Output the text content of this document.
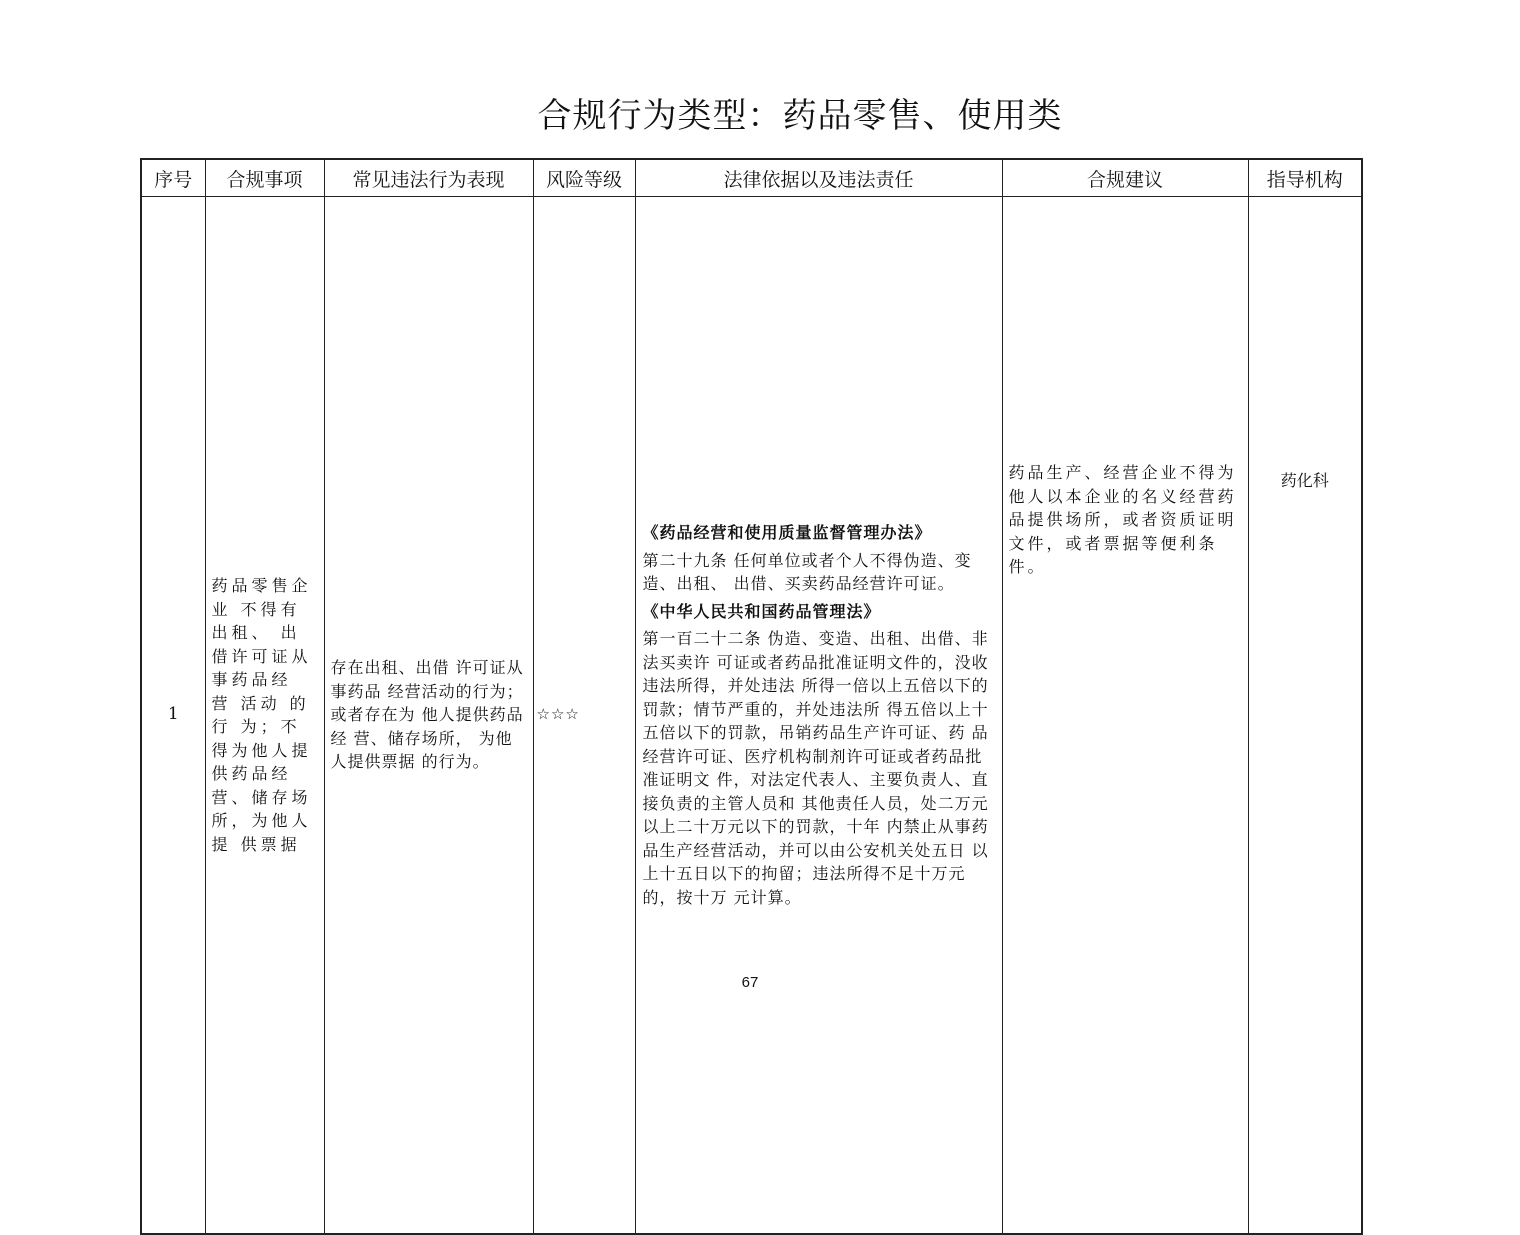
合规行为类型：药品零售、使用类
序号	合规事项	常见违法行为表现	风险等级	法律依据以及违法责任	合规建议	指导机构
1	药品零售企业 不得有出租、 出借许可证从 事药品经 营 活动 的 行 为；不得为他人提供药品经 营、储存场所，为他人提 供票据	存在出租、出借 许可证从事药品 经营活动的行为；或者存在为 他人提供药品经 营、储存场所， 为他人提供票据 的行为。	☆☆☆	《药品经营和使用质量监督管理办法》
第二十九条 任何单位或者个人不得伪造、变造、出租、 出借、买卖药品经营许可证。
《中华人民共和国药品管理法》
第一百二十二条 伪造、变造、出租、出借、非法买卖许 可证或者药品批准证明文件的，没收违法所得，并处违法 所得一倍以上五倍以下的罚款；情节严重的，并处违法所 得五倍以上十五倍以下的罚款，吊销药品生产许可证、药 品经营许可证、医疗机构制剂许可证或者药品批准证明文 件，对法定代表人、主要负责人、直接负责的主管人员和 其他责任人员，处二万元以上二十万元以下的罚款，十年 内禁止从事药品生产经营活动，并可以由公安机关处五日 以上十五日以下的拘留；违法所得不足十万元的，按十万 元计算。	药品生产、经营企业不得为他人以本企业的名义经营药品提供场所，或者资质证明文件，或者票据等便利条件。	药化科
67
